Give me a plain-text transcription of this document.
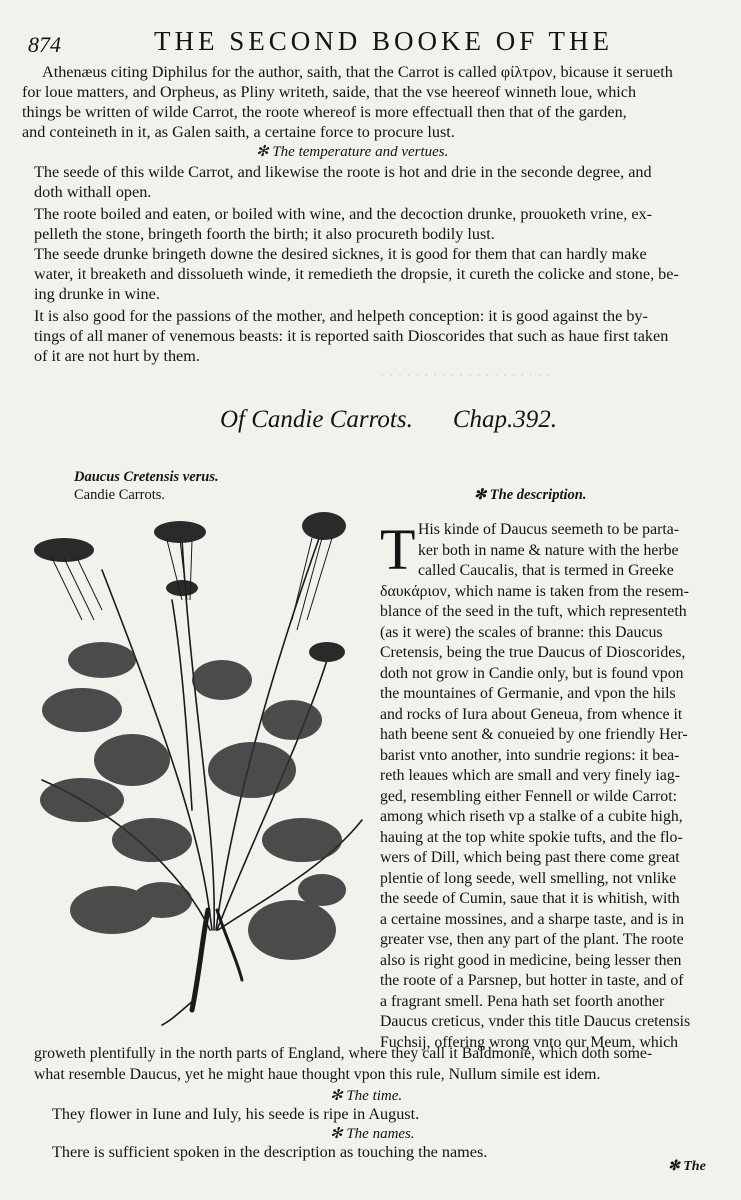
874	THE SECOND BOOKE OF THE
Athenæus citing Diphilus for the author, saith, that the Carrot is called φίλτρον, bicause it serueth
for loue matters, and Orpheus, as Pliny writeth, saide, that the vse heereof winneth loue, which
things be written of wilde Carrot, the roote whereof is more effectuall then that of the garden,
and conteineth in it, as Galen saith, a certaine force to procure lust.
✻ The temperature and vertues.
The seede of this wilde Carrot, and likewise the roote is hot and drie in the seconde degree, and
doth withall open.
The roote boiled and eaten, or boiled with wine, and the decoction drunke, prouoketh vrine, ex-
pelleth the stone, bringeth foorth the birth; it also procureth bodily lust.
The seede drunke bringeth downe the desired sicknes, it is good for them that can hardly make
water, it breaketh and dissolueth winde, it remedieth the dropsie, it cureth the colicke and stone, be-
ing drunke in wine.
It is also good for the passions of the mother, and helpeth conception: it is good against the by-
tings of all maner of venemous beasts: it is reported saith Dioscorides that such as haue first taken
of it are not hurt by them.
· · · · · · · · · · · · · · · · · · · ·
Of Candie Carrots. Chap.392.
Daucus Cretensis verus.
Candie Carrots.	✻ The description.
T His kinde of Daucus seemeth to be parta-
ker both in name & nature with the herbe
called Caucalis, that is termed in Greeke
δαυκάριον, which name is taken from the resem-
blance of the seed in the tuft, which representeth
(as it were) the scales of branne: this Daucus
Cretensis, being the true Daucus of Dioscorides,
doth not grow in Candie only, but is found vpon
the mountaines of Germanie, and vpon the hils
and rocks of Iura about Geneua, from whence it
hath beene sent & conueied by one friendly Her-
barist vnto another, into sundrie regions: it bea-
reth leaues which are small and very finely iag-
ged, resembling either Fennell or wilde Carrot:
among which riseth vp a stalke of a cubite high,
hauing at the top white spokie tufts, and the flo-
wers of Dill, which being past there come great
plentie of long seede, well smelling, not vnlike
the seede of Cumin, saue that it is whitish, with
a certaine mossines, and a sharpe taste, and is in
greater vse, then any part of the plant. The roote
also is right good in medicine, being lesser then
the roote of a Parsnep, but hotter in taste, and of
a fragrant smell. Pena hath set foorth another
Daucus creticus, vnder this title Daucus cretensis
Fuchsij, offering wrong vnto our Meum, which
groweth plentifully in the north parts of England, where they call it Baldmonie, which doth some-
what resemble Daucus, yet he might haue thought vpon this rule, Nullum simile est idem.
✻ The time.
They flower in Iune and Iuly, his seede is ripe in August.
✻ The names.
There is sufficient spoken in the description as touching the names.
✻ The
